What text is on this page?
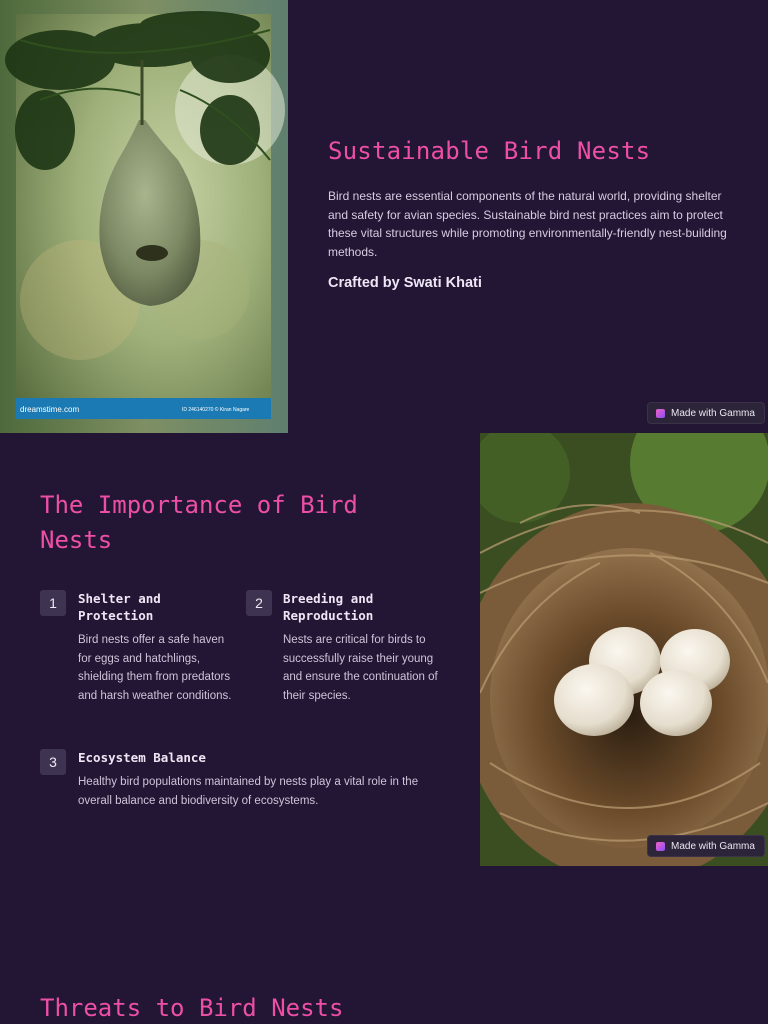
dreamstime.com	ID 246140270 © Kiran Nagare
Sustainable Bird Nests

Bird nests are essential components of the natural world, providing shelter and safety for avian species. Sustainable bird nest practices aim to protect these vital structures while promoting environmentally-friendly nest-building methods.

Crafted by Swati Khati

Made with Gamma
The Importance of Bird Nests
1	Shelter and Protection
Bird nests offer a safe haven for eggs and hatchlings, shielding them from predators and harsh weather conditions.
2	Breeding and Reproduction
Nests are critical for birds to successfully raise their young and ensure the continuation of their species.
3	Ecosystem Balance
Healthy bird populations maintained by nests play a vital role in the overall balance and biodiversity of ecosystems.
Made with Gamma
Threats to Bird Nests
